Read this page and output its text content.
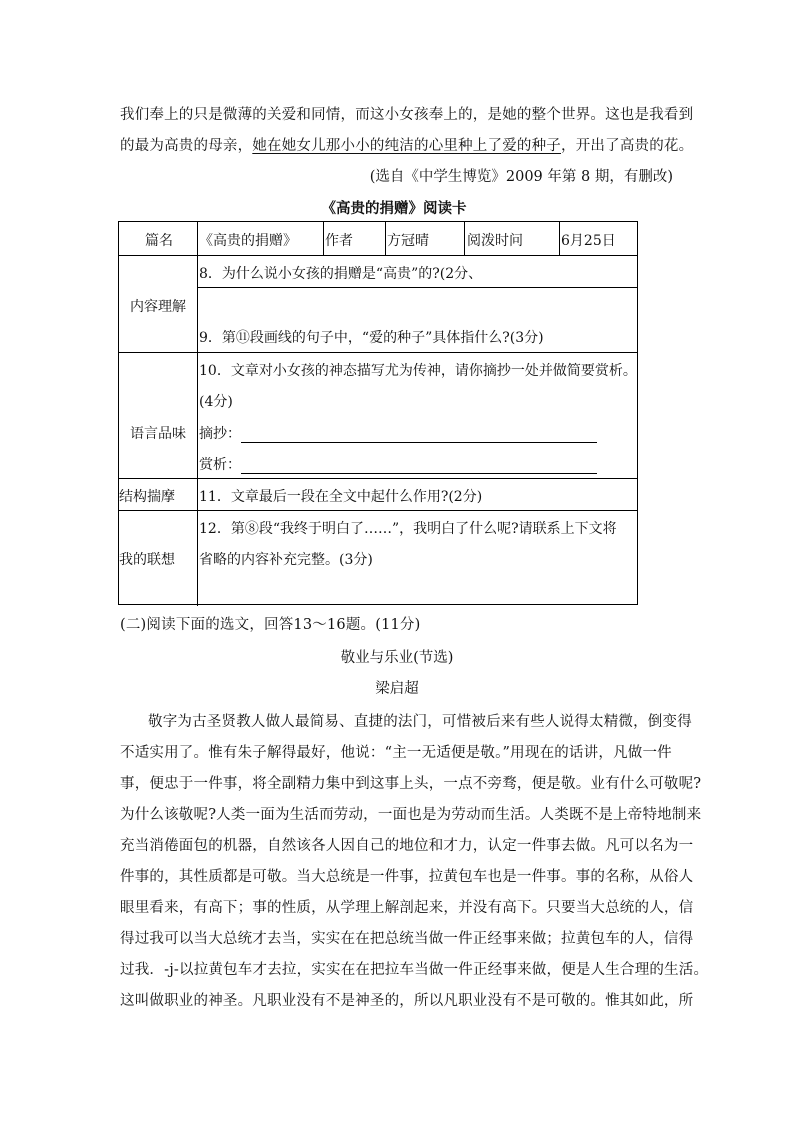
我们奉上的只是微薄的关爱和同情，而这小女孩奉上的，是她的整个世界。这也是我看到
的最为高贵的母亲，她在她女儿那小小的纯洁的心里种上了爱的种子，开出了高贵的花。
(选自《中学生博览》2009 年第 8 期，有删改)
《高贵的捐赠》阅读卡
篇名 《高贵的捐赠》 作者 方冠晴	阅泼时问	6月25日
内容理解
8．为什么说小女孩的捐赠是“高贵”的?(2分、
9．第⑪段画线的句子中，“爱的种子”具体指什么?(3分)
语言品味
10．文章对小女孩的神态描写尤为传神，请你摘抄一处并做简要赏析。
(4分)
摘抄：
赏析：
结构揣摩 11．文章最后一段在全文中起什么作用?(2分)
我的联想
12．第⑧段“我终于明白了……”，我明白了什么呢?请联系上下文将
省略的内容补充完整。(3分)
(二)阅读下面的选文，回答13～16题。(11分)
敬业与乐业(节选)
梁启超
敬字为古圣贤教人做人最简易、直捷的法门，可惜被后来有些人说得太精微，倒变得
不适实用了。惟有朱子解得最好，他说：“主一无适便是敬。”用现在的话讲，凡做一件
事，便忠于一件事，将全副精力集中到这事上头，一点不旁骛，便是敬。业有什么可敬呢?
为什么该敬呢?人类一面为生活而劳动，一面也是为劳动而生活。人类既不是上帝特地制来
充当消倦面包的机器，自然该各人因自己的地位和才力，认定一件事去做。凡可以名为一
件事的，其性质都是可敬。当大总统是一件事，拉黄包车也是一件事。事的名称，从俗人
眼里看来，有高下；事的性质，从学理上解剖起来，并没有高下。只要当大总统的人，信
得过我可以当大总统才去当，实实在在把总统当做一件正经事来做；拉黄包车的人，信得
过我．-j-以拉黄包车才去拉，实实在在把拉车当做一件正经事来做，便是人生合理的生活。
这叫做职业的神圣。凡职业没有不是神圣的，所以凡职业没有不是可敬的。惟其如此，所
